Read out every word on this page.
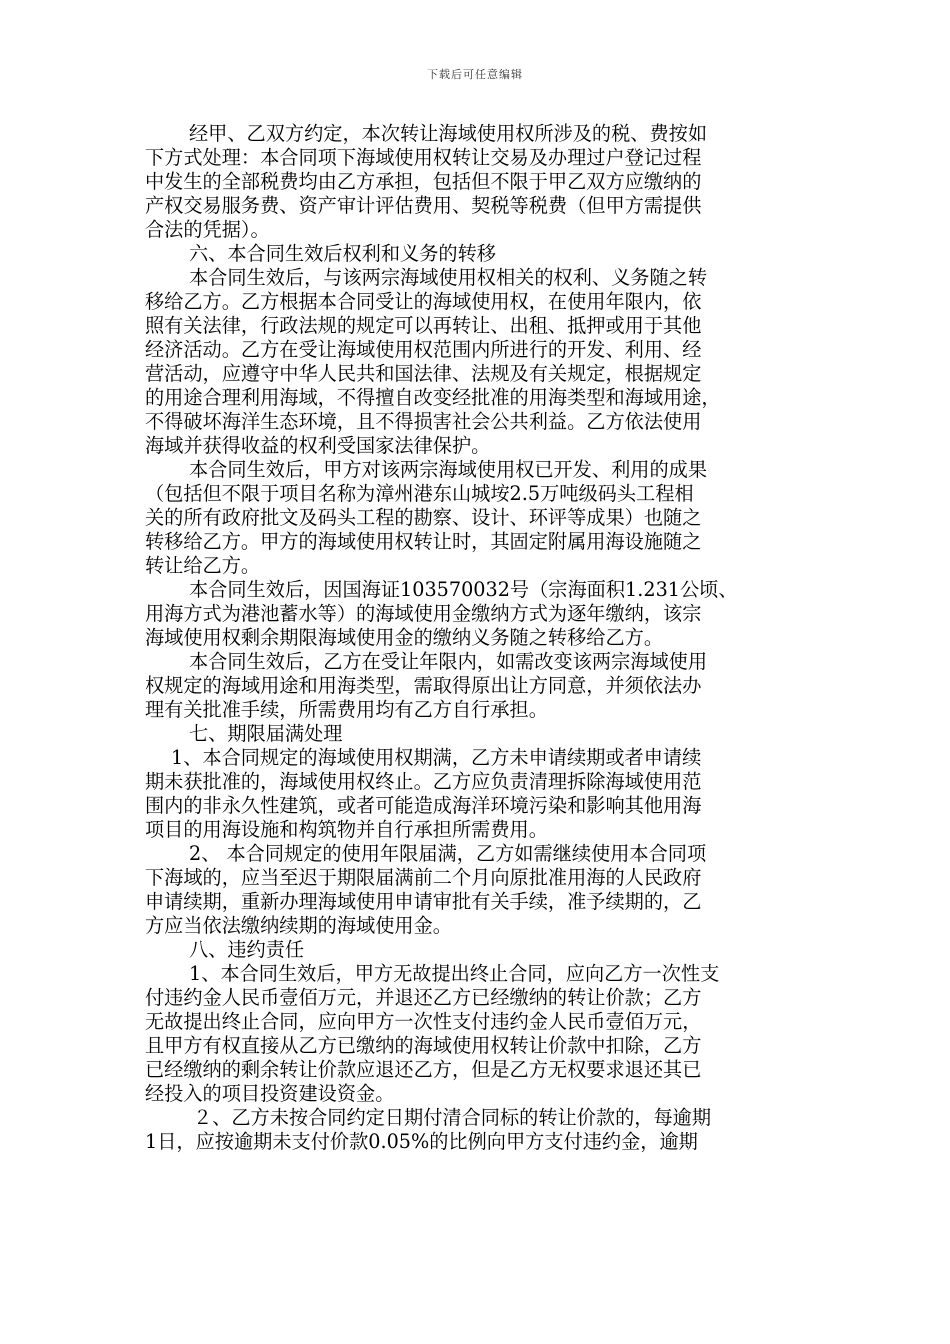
下载后可任意编辑
经甲、乙双方约定，本次转让海域使用权所涉及的税、费按如
下方式处理：本合同项下海域使用权转让交易及办理过户登记过程
中发生的全部税费均由乙方承担，包括但不限于甲乙双方应缴纳的
产权交易服务费、资产审计评估费用、契税等税费（但甲方需提供
合法的凭据）。
六、本合同生效后权利和义务的转移
本合同生效后，与该两宗海域使用权相关的权利、义务随之转
移给乙方。乙方根据本合同受让的海域使用权，在使用年限内，依
照有关法律，行政法规的规定可以再转让、出租、抵押或用于其他
经济活动。乙方在受让海域使用权范围内所进行的开发、利用、经
营活动，应遵守中华人民共和国法律、法规及有关规定，根据规定
的用途合理利用海域，不得擅自改变经批准的用海类型和海域用途，
不得破坏海洋生态环境，且不得损害社会公共利益。乙方依法使用
海域并获得收益的权利受国家法律保护。
本合同生效后，甲方对该两宗海域使用权已开发、利用的成果
（包括但不限于项目名称为漳州港东山城垵2.5万吨级码头工程相
关的所有政府批文及码头工程的勘察、设计、环评等成果）也随之
转移给乙方。甲方的海域使用权转让时，其固定附属用海设施随之
转让给乙方。
本合同生效后，因国海证103570032号（宗海面积1.231公顷、
用海方式为港池蓄水等）的海域使用金缴纳方式为逐年缴纳，该宗
海域使用权剩余期限海域使用金的缴纳义务随之转移给乙方。
本合同生效后，乙方在受让年限内，如需改变该两宗海域使用
权规定的海域用途和用海类型，需取得原出让方同意，并须依法办
理有关批准手续，所需费用均有乙方自行承担。
七、期限届满处理
1、本合同规定的海域使用权期满，乙方未申请续期或者申请续
期未获批准的，海域使用权终止。乙方应负责清理拆除海域使用范
围内的非永久性建筑，或者可能造成海洋环境污染和影响其他用海
项目的用海设施和构筑物并自行承担所需费用。
2、 本合同规定的使用年限届满，乙方如需继续使用本合同项
下海域的，应当至迟于期限届满前二个月向原批准用海的人民政府
申请续期，重新办理海域使用申请审批有关手续，准予续期的，乙
方应当依法缴纳续期的海域使用金。
八、违约责任
1、本合同生效后，甲方无故提出终止合同，应向乙方一次性支
付违约金人民币壹佰万元，并退还乙方已经缴纳的转让价款；乙方
无故提出终止合同，应向甲方一次性支付违约金人民币壹佰万元，
且甲方有权直接从乙方已缴纳的海域使用权转让价款中扣除，乙方
已经缴纳的剩余转让价款应退还乙方，但是乙方无权要求退还其已
经投入的项目投资建设资金。
２、乙方未按合同约定日期付清合同标的转让价款的，每逾期
1日，应按逾期未支付价款0.05%的比例向甲方支付违约金，逾期
